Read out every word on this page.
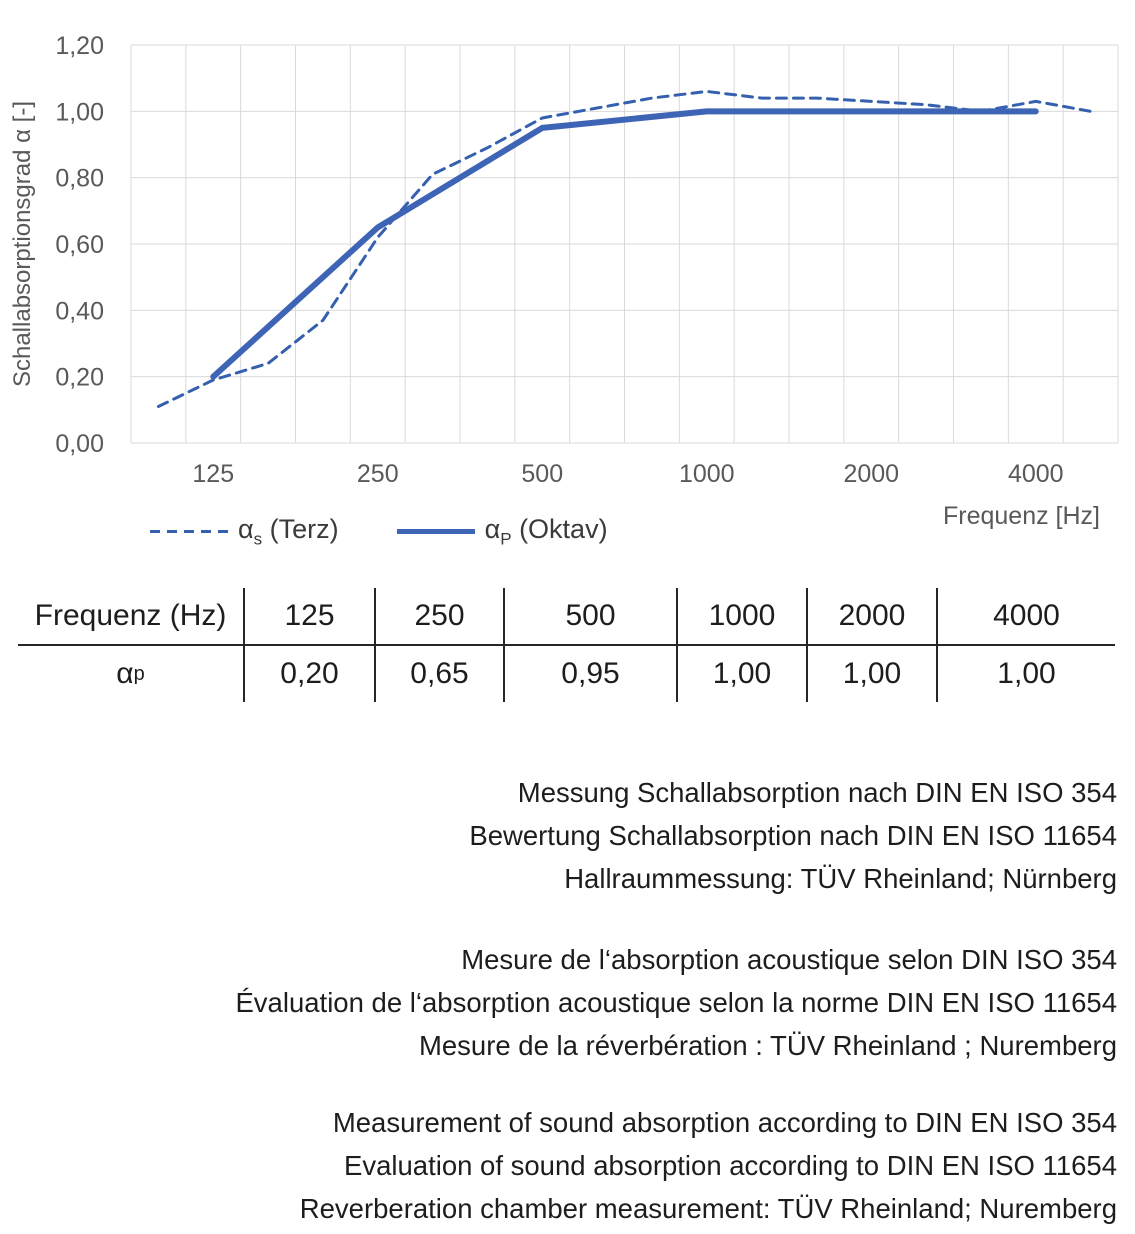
1,20
1,00
0,80
0,60
0,40
0,20
0,00
125	250	500	1000	2000	4000
Schallabsorptionsgrad α [-]
Frequenz [Hz]
$\alpha_s$ (Terz)	$\alpha_P$ (Oktav)
Frequenz (Hz)	125	250	500	1000	2000	4000
α p	0,20	0,65	0,95	1,00	1,00	1,00
Messung Schallabsorption nach DIN EN ISO 354
Bewertung Schallabsorption nach DIN EN ISO 11654
Hallraummessung: TÜV Rheinland; Nürnberg
Mesure de l‘absorption acoustique selon DIN ISO 354
Évaluation de l‘absorption acoustique selon la norme DIN EN ISO 11654
Mesure de la réverbération : TÜV Rheinland ; Nuremberg
Measurement of sound absorption according to DIN EN ISO 354
Evaluation of sound absorption according to DIN EN ISO 11654
Reverberation chamber measurement: TÜV Rheinland; Nuremberg
